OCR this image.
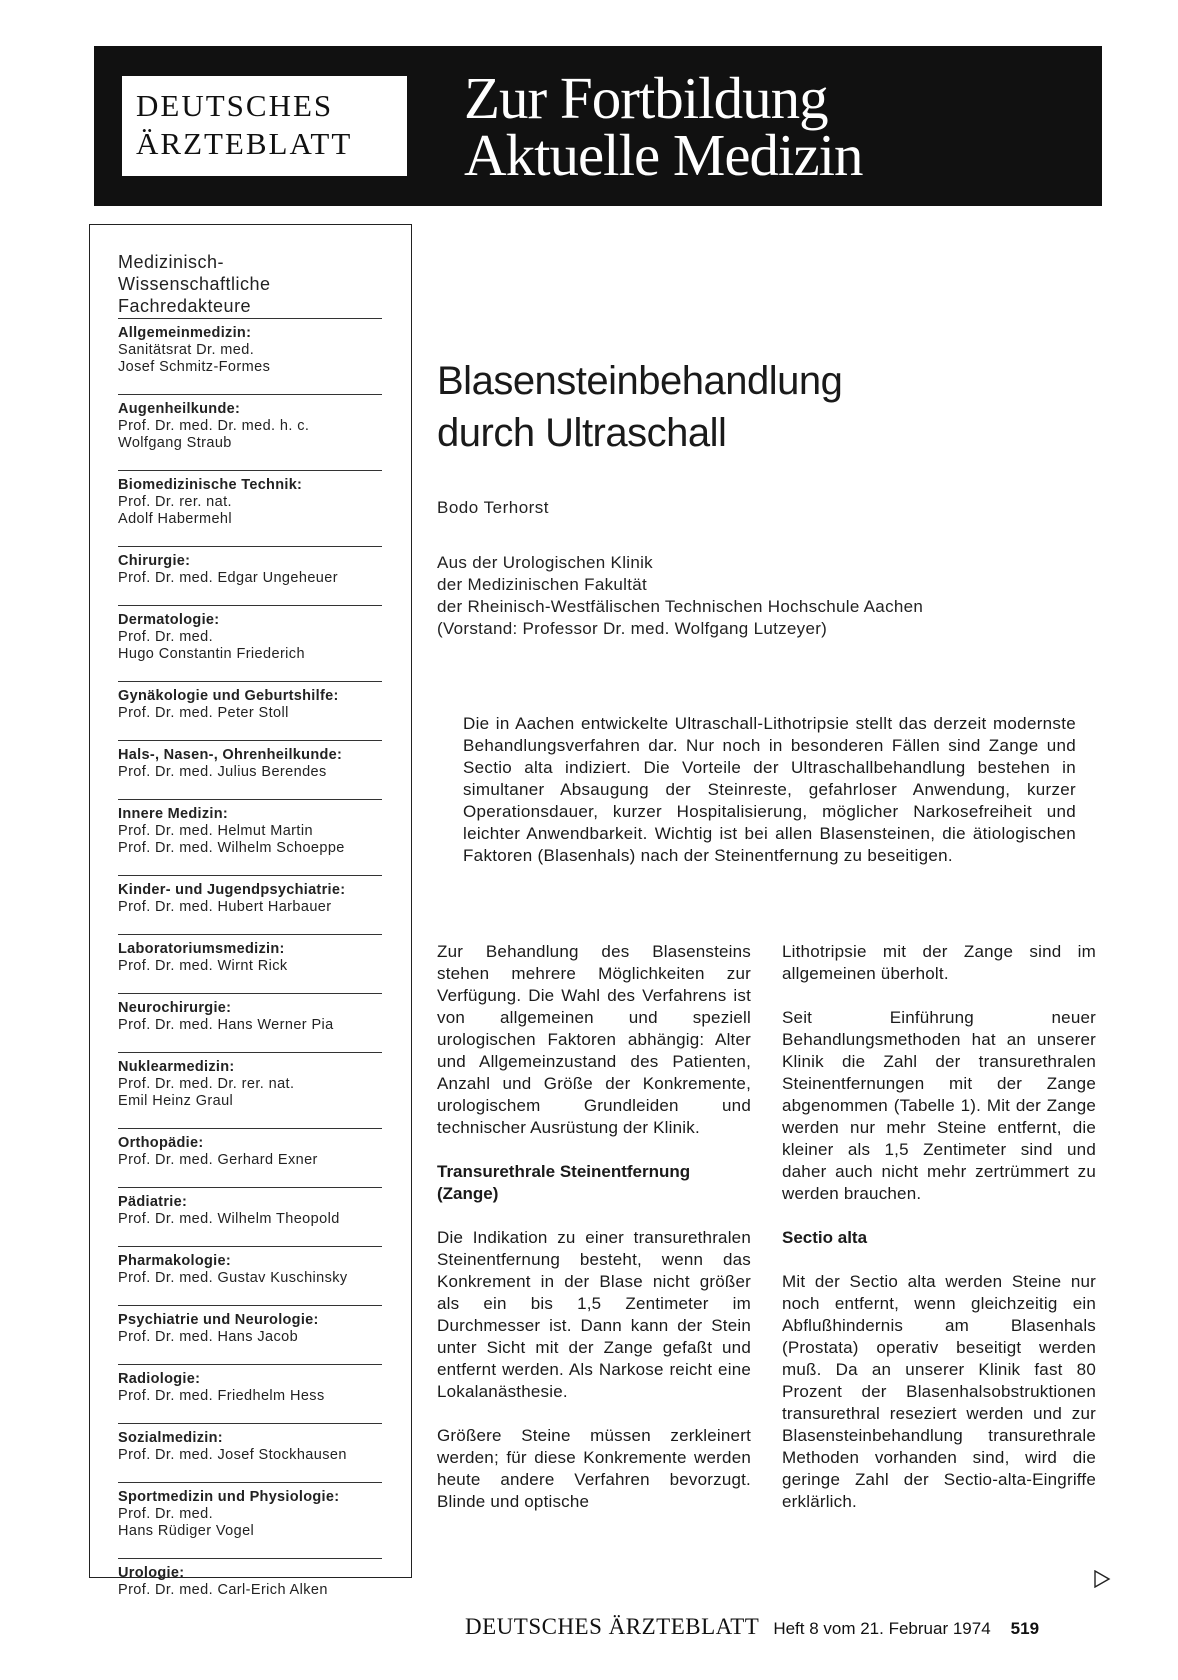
DEUTSCHES
ÄRZTEBLATT
Zur Fortbildung
Aktuelle Medizin
Medizinisch-
Wissenschaftliche
Fachredakteure
Allgemeinmedizin:
Sanitätsrat Dr. med.
Josef Schmitz-Formes
Augenheilkunde:
Prof. Dr. med. Dr. med. h. c.
Wolfgang Straub
Biomedizinische Technik:
Prof. Dr. rer. nat.
Adolf Habermehl
Chirurgie:
Prof. Dr. med. Edgar Ungeheuer
Dermatologie:
Prof. Dr. med.
Hugo Constantin Friederich
Gynäkologie und Geburtshilfe:
Prof. Dr. med. Peter Stoll
Hals-, Nasen-, Ohrenheilkunde:
Prof. Dr. med. Julius Berendes
Innere Medizin:
Prof. Dr. med. Helmut Martin
Prof. Dr. med. Wilhelm Schoeppe
Kinder- und Jugendpsychiatrie:
Prof. Dr. med. Hubert Harbauer
Laboratoriumsmedizin:
Prof. Dr. med. Wirnt Rick
Neurochirurgie:
Prof. Dr. med. Hans Werner Pia
Nuklearmedizin:
Prof. Dr. med. Dr. rer. nat.
Emil Heinz Graul
Orthopädie:
Prof. Dr. med. Gerhard Exner
Pädiatrie:
Prof. Dr. med. Wilhelm Theopold
Pharmakologie:
Prof. Dr. med. Gustav Kuschinsky
Psychiatrie und Neurologie:
Prof. Dr. med. Hans Jacob
Radiologie:
Prof. Dr. med. Friedhelm Hess
Sozialmedizin:
Prof. Dr. med. Josef Stockhausen
Sportmedizin und Physiologie:
Prof. Dr. med.
Hans Rüdiger Vogel
Urologie:
Prof. Dr. med. Carl-Erich Alken
Blasensteinbehandlung
durch Ultraschall
Bodo Terhorst
Aus der Urologischen Klinik
der Medizinischen Fakultät
der Rheinisch-Westfälischen Technischen Hochschule Aachen
(Vorstand: Professor Dr. med. Wolfgang Lutzeyer)
Die in Aachen entwickelte Ultraschall-Lithotripsie stellt das derzeit modernste Behandlungsverfahren dar. Nur noch in besonderen Fällen sind Zange und Sectio alta indiziert. Die Vorteile der Ultraschallbehandlung bestehen in simultaner Absaugung der Steinreste, gefahrloser Anwendung, kurzer Operationsdauer, kurzer Hospitalisierung, möglicher Narkosefreiheit und leichter Anwendbarkeit. Wichtig ist bei allen Blasensteinen, die ätiologischen Faktoren (Blasenhals) nach der Steinentfernung zu beseitigen.

Zur Behandlung des Blasensteins stehen mehrere Möglichkeiten zur Verfügung. Die Wahl des Verfahrens ist von allgemeinen und speziell urologischen Faktoren abhängig: Alter und Allgemeinzustand des Patienten, Anzahl und Größe der Konkremente, urologischem Grundleiden und technischer Ausrüstung der Klinik.

Transurethrale Steinentfernung (Zange)

Die Indikation zu einer transurethralen Steinentfernung besteht, wenn das Konkrement in der Blase nicht größer als ein bis 1,5 Zentimeter im Durchmesser ist. Dann kann der Stein unter Sicht mit der Zange gefaßt und entfernt werden. Als Narkose reicht eine Lokalanästhesie.

Größere Steine müssen zerkleinert werden; für diese Konkremente werden heute andere Verfahren bevorzugt. Blinde und optische

Lithotripsie mit der Zange sind im allgemeinen überholt.

Seit Einführung neuer Behandlungsmethoden hat an unserer Klinik die Zahl der transurethralen Steinentfernungen mit der Zange abgenommen (Tabelle 1). Mit der Zange werden nur mehr Steine entfernt, die kleiner als 1,5 Zentimeter sind und daher auch nicht mehr zertrümmert zu werden brauchen.

Sectio alta

Mit der Sectio alta werden Steine nur noch entfernt, wenn gleichzeitig ein Abflußhindernis am Blasenhals (Prostata) operativ beseitigt werden muß. Da an unserer Klinik fast 80 Prozent der Blasenhalsobstruktionen transurethral reseziert werden und zur Blasensteinbehandlung transurethrale Methoden vorhanden sind, wird die geringe Zahl der Sectio-alta-Eingriffe erklärlich.

DEUTSCHES ÄRZTEBLATT Heft 8 vom 21. Februar 1974 519
